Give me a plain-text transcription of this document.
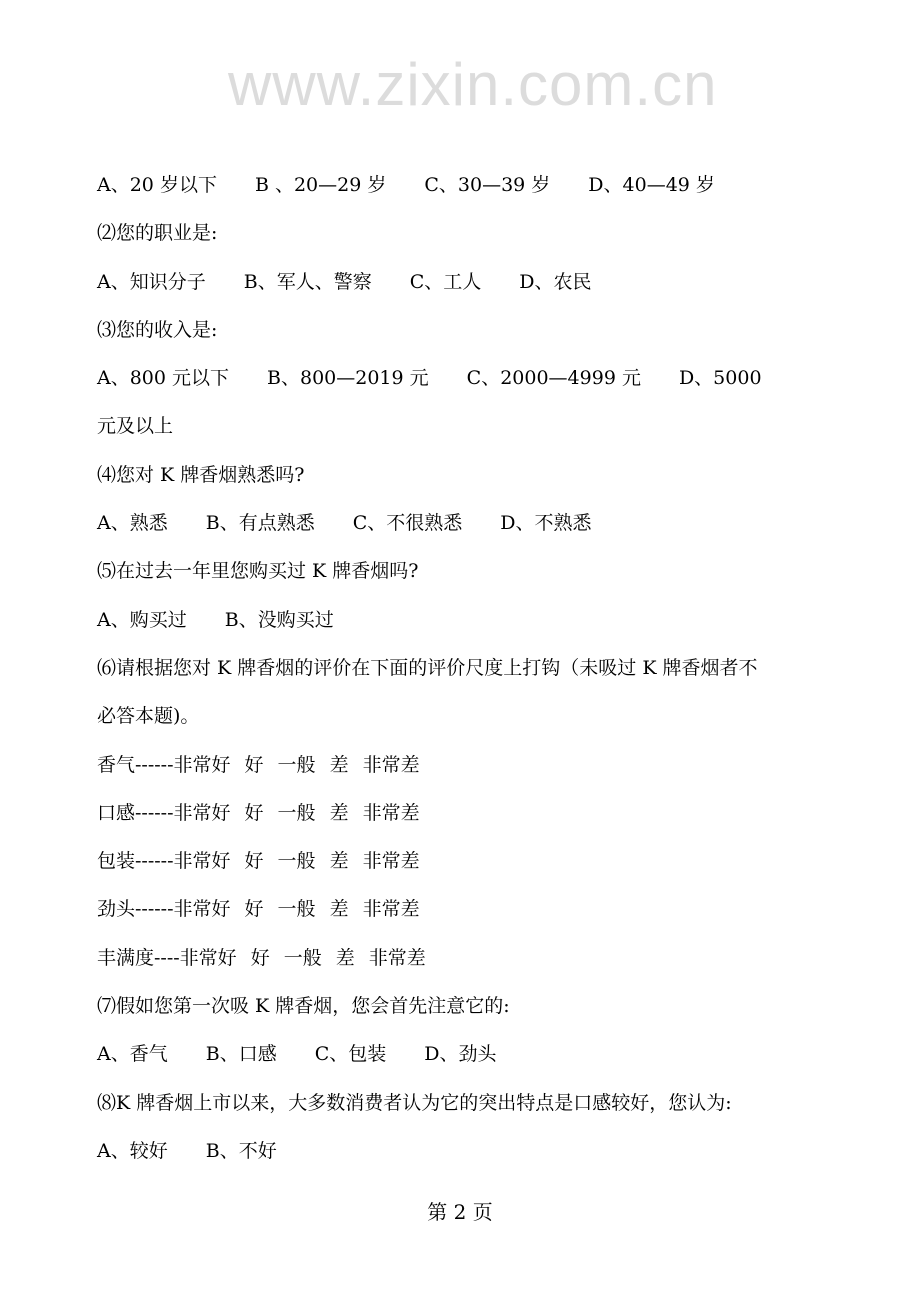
www.zixin.com.cn
A、20 岁以下 B 、20—29 岁 C、30—39 岁 D、40—49 岁
⑵您的职业是:
A、知识分子 B、军人、警察 C、工人 D、农民
⑶您的收入是:
A、800 元以下 B、800—2019 元 C、2000—4999 元 D、5000
元及以上
⑷您对 K 牌香烟熟悉吗?
A、熟悉 B、有点熟悉 C、不很熟悉 D、不熟悉
⑸在过去一年里您购买过 K 牌香烟吗?
A、购买过 B、没购买过
⑹请根据您对 K 牌香烟的评价在下面的评价尺度上打钩（未吸过 K 牌香烟者不
必答本题)。
香气------非常好 好 一般 差 非常差
口感------非常好 好 一般 差 非常差
包装------非常好 好 一般 差 非常差
劲头------非常好 好 一般 差 非常差
丰满度----非常好 好 一般 差 非常差
⑺假如您第一次吸 K 牌香烟，您会首先注意它的:
A、香气 B、口感 C、包装 D、劲头
⑻K 牌香烟上市以来，大多数消费者认为它的突出特点是口感较好，您认为:
A、较好 B、不好
第 2 页
